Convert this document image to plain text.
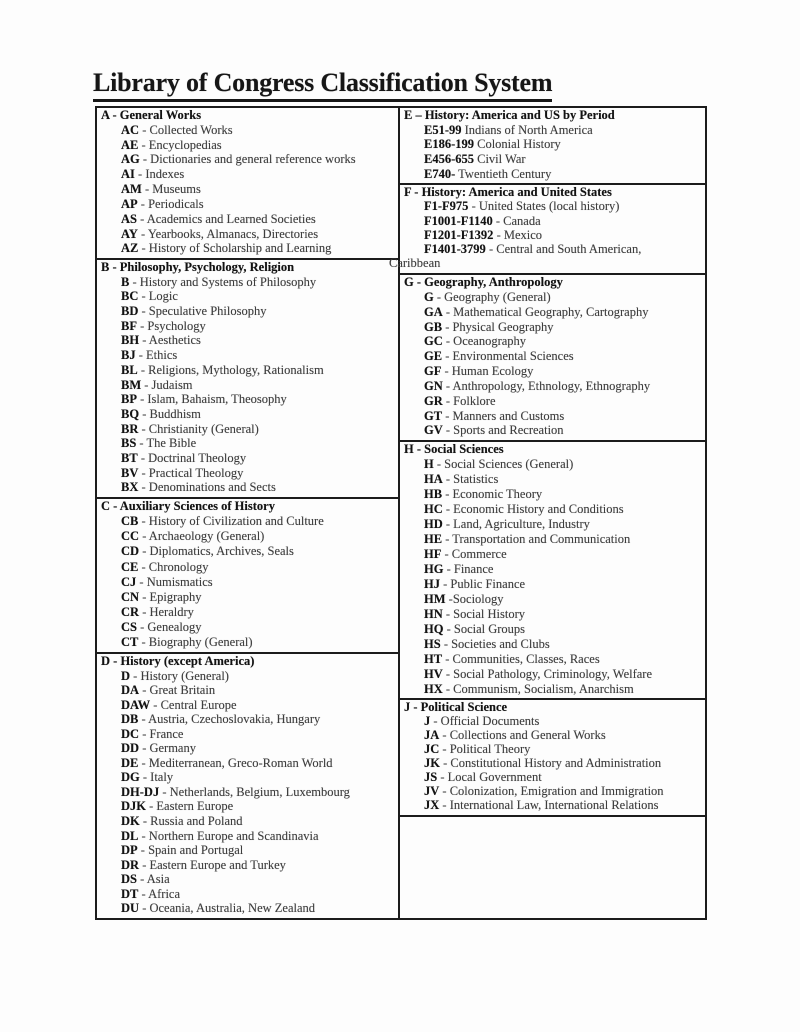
Library of Congress Classification System
A - General Works
AC - Collected Works
AE - Encyclopedias
AG - Dictionaries and general reference works
AI - Indexes
AM - Museums
AP - Periodicals
AS - Academics and Learned Societies
AY - Yearbooks, Almanacs, Directories
AZ - History of Scholarship and Learning
B - Philosophy, Psychology, Religion
B - History and Systems of Philosophy
BC - Logic
BD - Speculative Philosophy
BF - Psychology
BH - Aesthetics
BJ - Ethics
BL - Religions, Mythology, Rationalism
BM - Judaism
BP - Islam, Bahaism, Theosophy
BQ - Buddhism
BR - Christianity (General)
BS - The Bible
BT - Doctrinal Theology
BV - Practical Theology
BX - Denominations and Sects
C - Auxiliary Sciences of History
CB - History of Civilization and Culture
CC - Archaeology (General)
CD - Diplomatics, Archives, Seals
CE - Chronology
CJ - Numismatics
CN - Epigraphy
CR - Heraldry
CS - Genealogy
CT - Biography (General)
D - History (except America)
D - History (General)
DA - Great Britain
DAW - Central Europe
DB - Austria, Czechoslovakia, Hungary
DC - France
DD - Germany
DE - Mediterranean, Greco-Roman World
DG - Italy
DH-DJ - Netherlands, Belgium, Luxembourg
DJK - Eastern Europe
DK - Russia and Poland
DL - Northern Europe and Scandinavia
DP - Spain and Portugal
DR - Eastern Europe and Turkey
DS - Asia
DT - Africa
DU - Oceania, Australia, New Zealand
E – History: America and US by Period
E51-99 Indians of North America
E186-199 Colonial History
E456-655 Civil War
E740- Twentieth Century
F - History: America and United States
F1-F975 - United States (local history)
F1001-F1140 - Canada
F1201-F1392 - Mexico
F1401-3799 - Central and South American,
Caribbean
G - Geography, Anthropology
G - Geography (General)
GA - Mathematical Geography, Cartography
GB - Physical Geography
GC - Oceanography
GE - Environmental Sciences
GF - Human Ecology
GN - Anthropology, Ethnology, Ethnography
GR - Folklore
GT - Manners and Customs
GV - Sports and Recreation
H - Social Sciences
H - Social Sciences (General)
HA - Statistics
HB - Economic Theory
HC - Economic History and Conditions
HD - Land, Agriculture, Industry
HE - Transportation and Communication
HF - Commerce
HG - Finance
HJ - Public Finance
HM -Sociology
HN - Social History
HQ - Social Groups
HS - Societies and Clubs
HT - Communities, Classes, Races
HV - Social Pathology, Criminology, Welfare
HX - Communism, Socialism, Anarchism
J - Political Science
J - Official Documents
JA - Collections and General Works
JC - Political Theory
JK - Constitutional History and Administration
JS - Local Government
JV - Colonization, Emigration and Immigration
JX - International Law, International Relations
